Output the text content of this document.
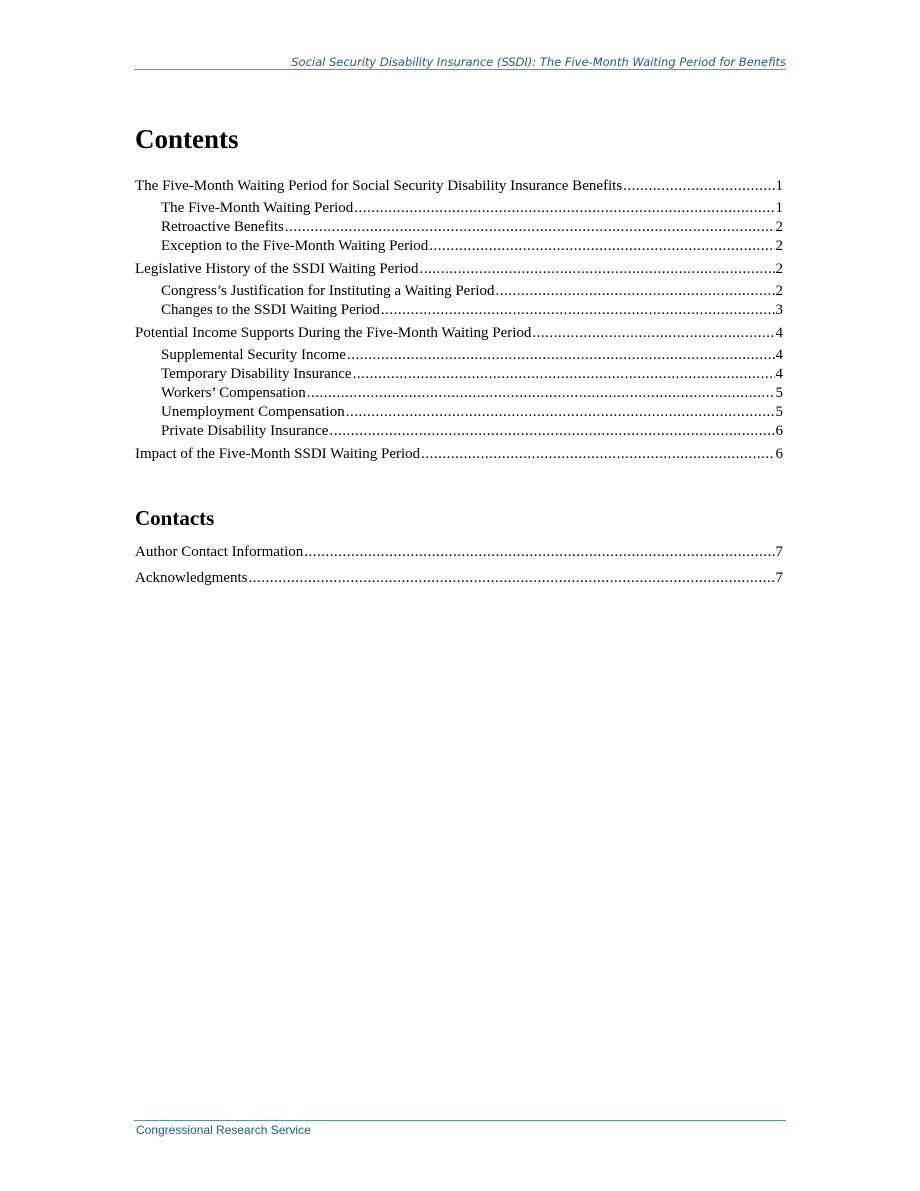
Social Security Disability Insurance (SSDI): The Five-Month Waiting Period for Benefits
Contents
The Five-Month Waiting Period for Social Security Disability Insurance Benefits .....	1
The Five-Month Waiting Period .....	1
Retroactive Benefits .....	2
Exception to the Five-Month Waiting Period .....	2
Legislative History of the SSDI Waiting Period .....	2
Congress’s Justification for Instituting a Waiting Period .....	2
Changes to the SSDI Waiting Period .....	3
Potential Income Supports During the Five-Month Waiting Period .....	4
Supplemental Security Income .....	4
Temporary Disability Insurance .....	4
Workers’ Compensation .....	5
Unemployment Compensation .....	5
Private Disability Insurance .....	6
Impact of the Five-Month SSDI Waiting Period .....	6
Contacts
Author Contact Information .....	7
Acknowledgments .....	7
Congressional Research Service
